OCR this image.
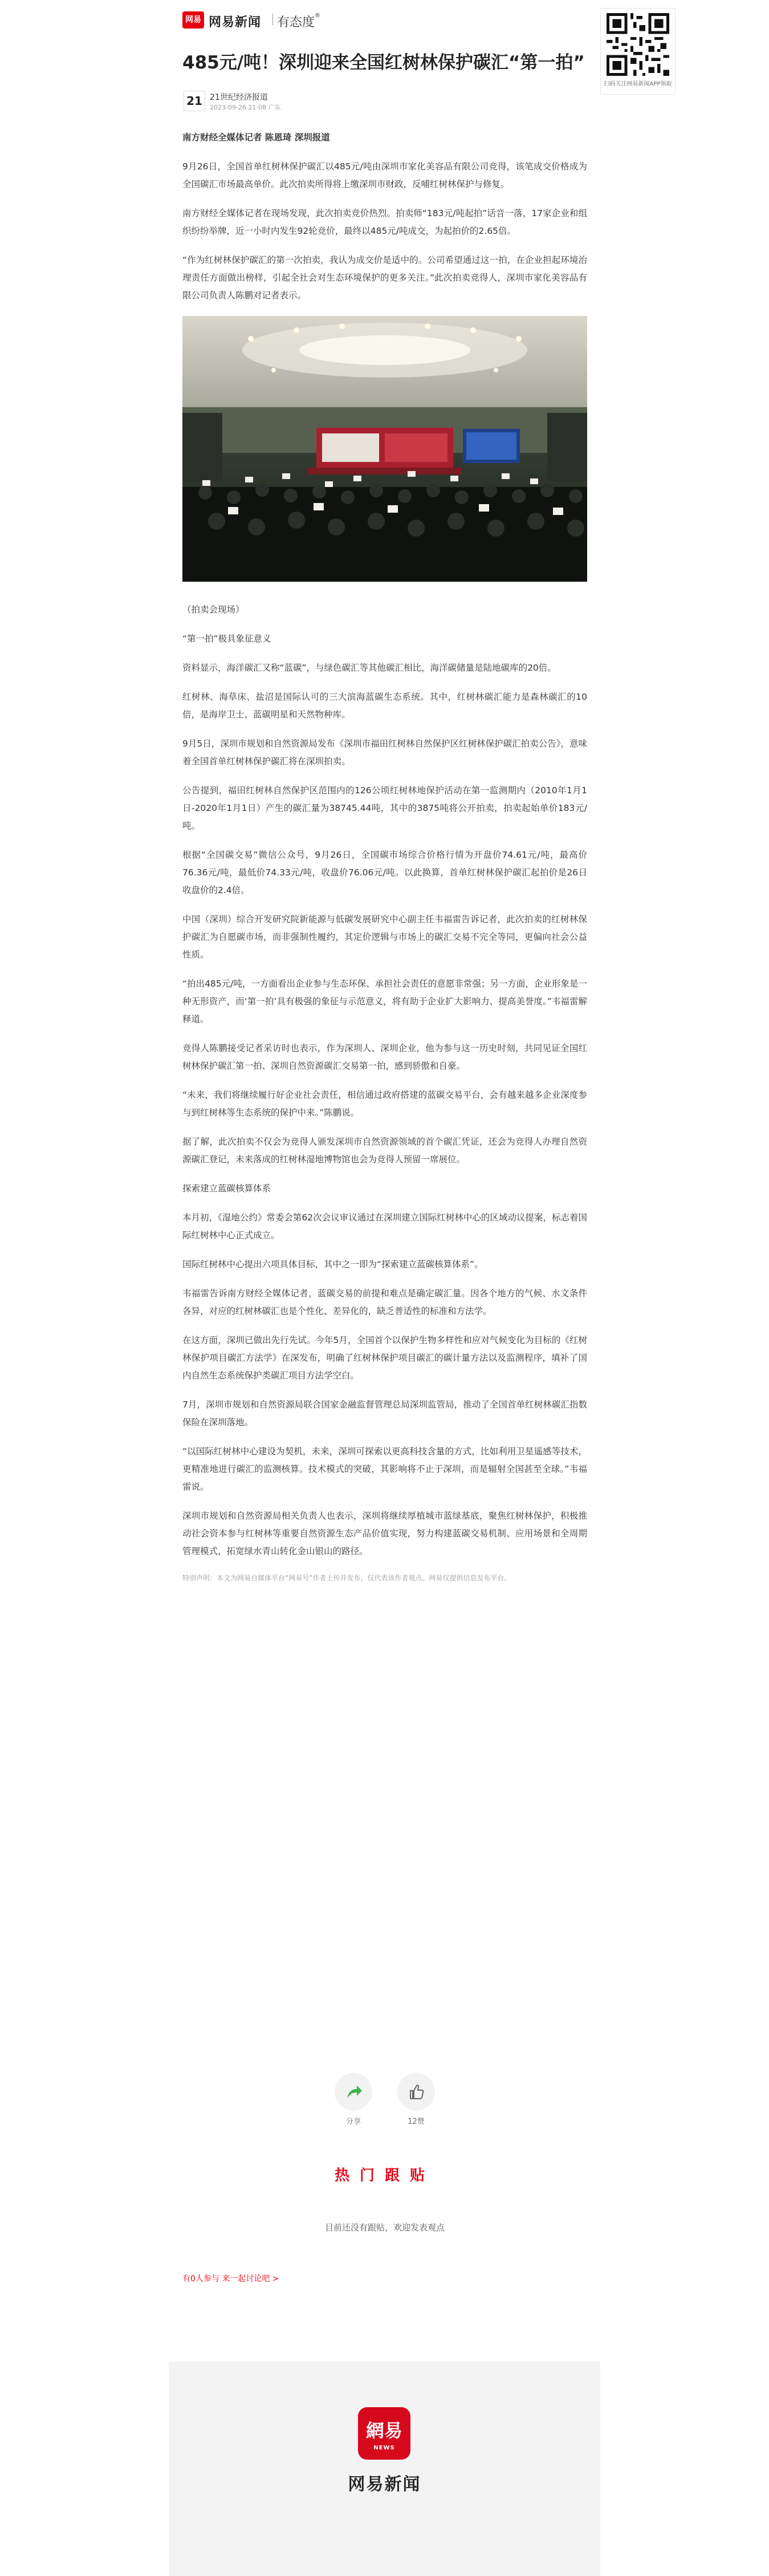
网易 网易新闻 有态度®
扫码关注网易新闻APP领取
485元/吨！深圳迎来全国红树林保护碳汇“第一拍”
21 21世纪经济报道
2023-09-26 21:08 广东

南方财经全媒体记者 陈恩琦 深圳报道

9月26日，全国首单红树林保护碳汇以485元/吨由深圳市家化美容品有限公司竞得，该笔成交价格成为全国碳汇市场最高单价。此次拍卖所得将上缴深圳市财政，反哺红树林保护与修复。

南方财经全媒体记者在现场发现，此次拍卖竞价热烈。拍卖师“183元/吨起拍”话音一落，17家企业和组织纷纷举牌，近一小时内发生92轮竞价，最终以485元/吨成交，为起拍价的2.65倍。

“作为红树林保护碳汇的第一次拍卖，我认为成交价是适中的。公司希望通过这一拍，在企业担起环境治理责任方面做出榜样，引起全社会对生态环境保护的更多关注。”此次拍卖竞得人，深圳市家化美容品有限公司负责人陈鹏对记者表示。

（拍卖会现场）

“第一拍”极具象征意义

资料显示，海洋碳汇又称“蓝碳”，与绿色碳汇等其他碳汇相比，海洋碳储量是陆地碳库的20倍。

红树林、海草床、盐沼是国际认可的三大滨海蓝碳生态系统。其中，红树林碳汇能力是森林碳汇的10倍，是海岸卫士、蓝碳明星和天然物种库。

9月5日，深圳市规划和自然资源局发布《深圳市福田红树林自然保护区红树林保护碳汇拍卖公告》，意味着全国首单红树林保护碳汇将在深圳拍卖。

公告提到，福田红树林自然保护区范围内的126公顷红树林地保护活动在第一监测期内（2010年1月1日-2020年1月1日）产生的碳汇量为38745.44吨，其中的3875吨将公开拍卖，拍卖起始单价183元/吨。

根据“全国碳交易”微信公众号，9月26日，全国碳市场综合价格行情为开盘价74.61元/吨，最高价76.36元/吨，最低价74.33元/吨，收盘价76.06元/吨。以此换算，首单红树林保护碳汇起拍价是26日收盘价的2.4倍。

中国（深圳）综合开发研究院新能源与低碳发展研究中心副主任韦福雷告诉记者，此次拍卖的红树林保护碳汇为自愿碳市场，而非强制性履约，其定价逻辑与市场上的碳汇交易不完全等同，更偏向社会公益性质。

“拍出485元/吨，一方面看出企业参与生态环保、承担社会责任的意愿非常强；另一方面，企业形象是一种无形资产，而‘第一拍’具有极强的象征与示范意义，将有助于企业扩大影响力、提高美誉度。”韦福雷解释道。

竞得人陈鹏接受记者采访时也表示，作为深圳人、深圳企业，他为参与这一历史时刻，共同见证全国红树林保护碳汇第一拍、深圳自然资源碳汇交易第一拍，感到骄傲和自豪。

“未来，我们将继续履行好企业社会责任，相信通过政府搭建的蓝碳交易平台，会有越来越多企业深度参与到红树林等生态系统的保护中来。”陈鹏说。

据了解，此次拍卖不仅会为竞得人颁发深圳市自然资源领域的首个碳汇凭证，还会为竞得人办理自然资源碳汇登记，未来落成的红树林湿地博物馆也会为竞得人预留一席展位。

探索建立蓝碳核算体系

本月初，《湿地公约》常委会第62次会议审议通过在深圳建立国际红树林中心的区域动议提案，标志着国际红树林中心正式成立。

国际红树林中心提出六项具体目标，其中之一即为“探索建立蓝碳核算体系”。

韦福雷告诉南方财经全媒体记者，蓝碳交易的前提和难点是确定碳汇量。因各个地方的气候、水文条件各异，对应的红树林碳汇也是个性化、差异化的，缺乏普适性的标准和方法学。

在这方面，深圳已做出先行先试。今年5月，全国首个以保护生物多样性和应对气候变化为目标的《红树林保护项目碳汇方法学》在深发布，明确了红树林保护项目碳汇的碳计量方法以及监测程序，填补了国内自然生态系统保护类碳汇项目方法学空白。

7月，深圳市规划和自然资源局联合国家金融监督管理总局深圳监管局，推动了全国首单红树林碳汇指数保险在深圳落地。

“以国际红树林中心建设为契机，未来，深圳可探索以更高科技含量的方式，比如利用卫星遥感等技术，更精准地进行碳汇的监测核算。技术模式的突破，其影响将不止于深圳，而是辐射全国甚至全球。”韦福雷说。

深圳市规划和自然资源局相关负责人也表示，深圳将继续厚植城市蓝绿基底，聚焦红树林保护，积极推动社会资本参与红树林等重要自然资源生态产品价值实现，努力构建蓝碳交易机制、应用场景和全周期管理模式，拓宽绿水青山转化金山银山的路径。

特别声明：本文为网易自媒体平台“网易号”作者上传并发布，仅代表该作者观点。网易仅提供信息发布平台。

分享	12赞
热门跟贴
目前还没有跟贴，欢迎发表观点
有0人参与 来一起讨论吧 >
網易
NEWS
网易新闻
